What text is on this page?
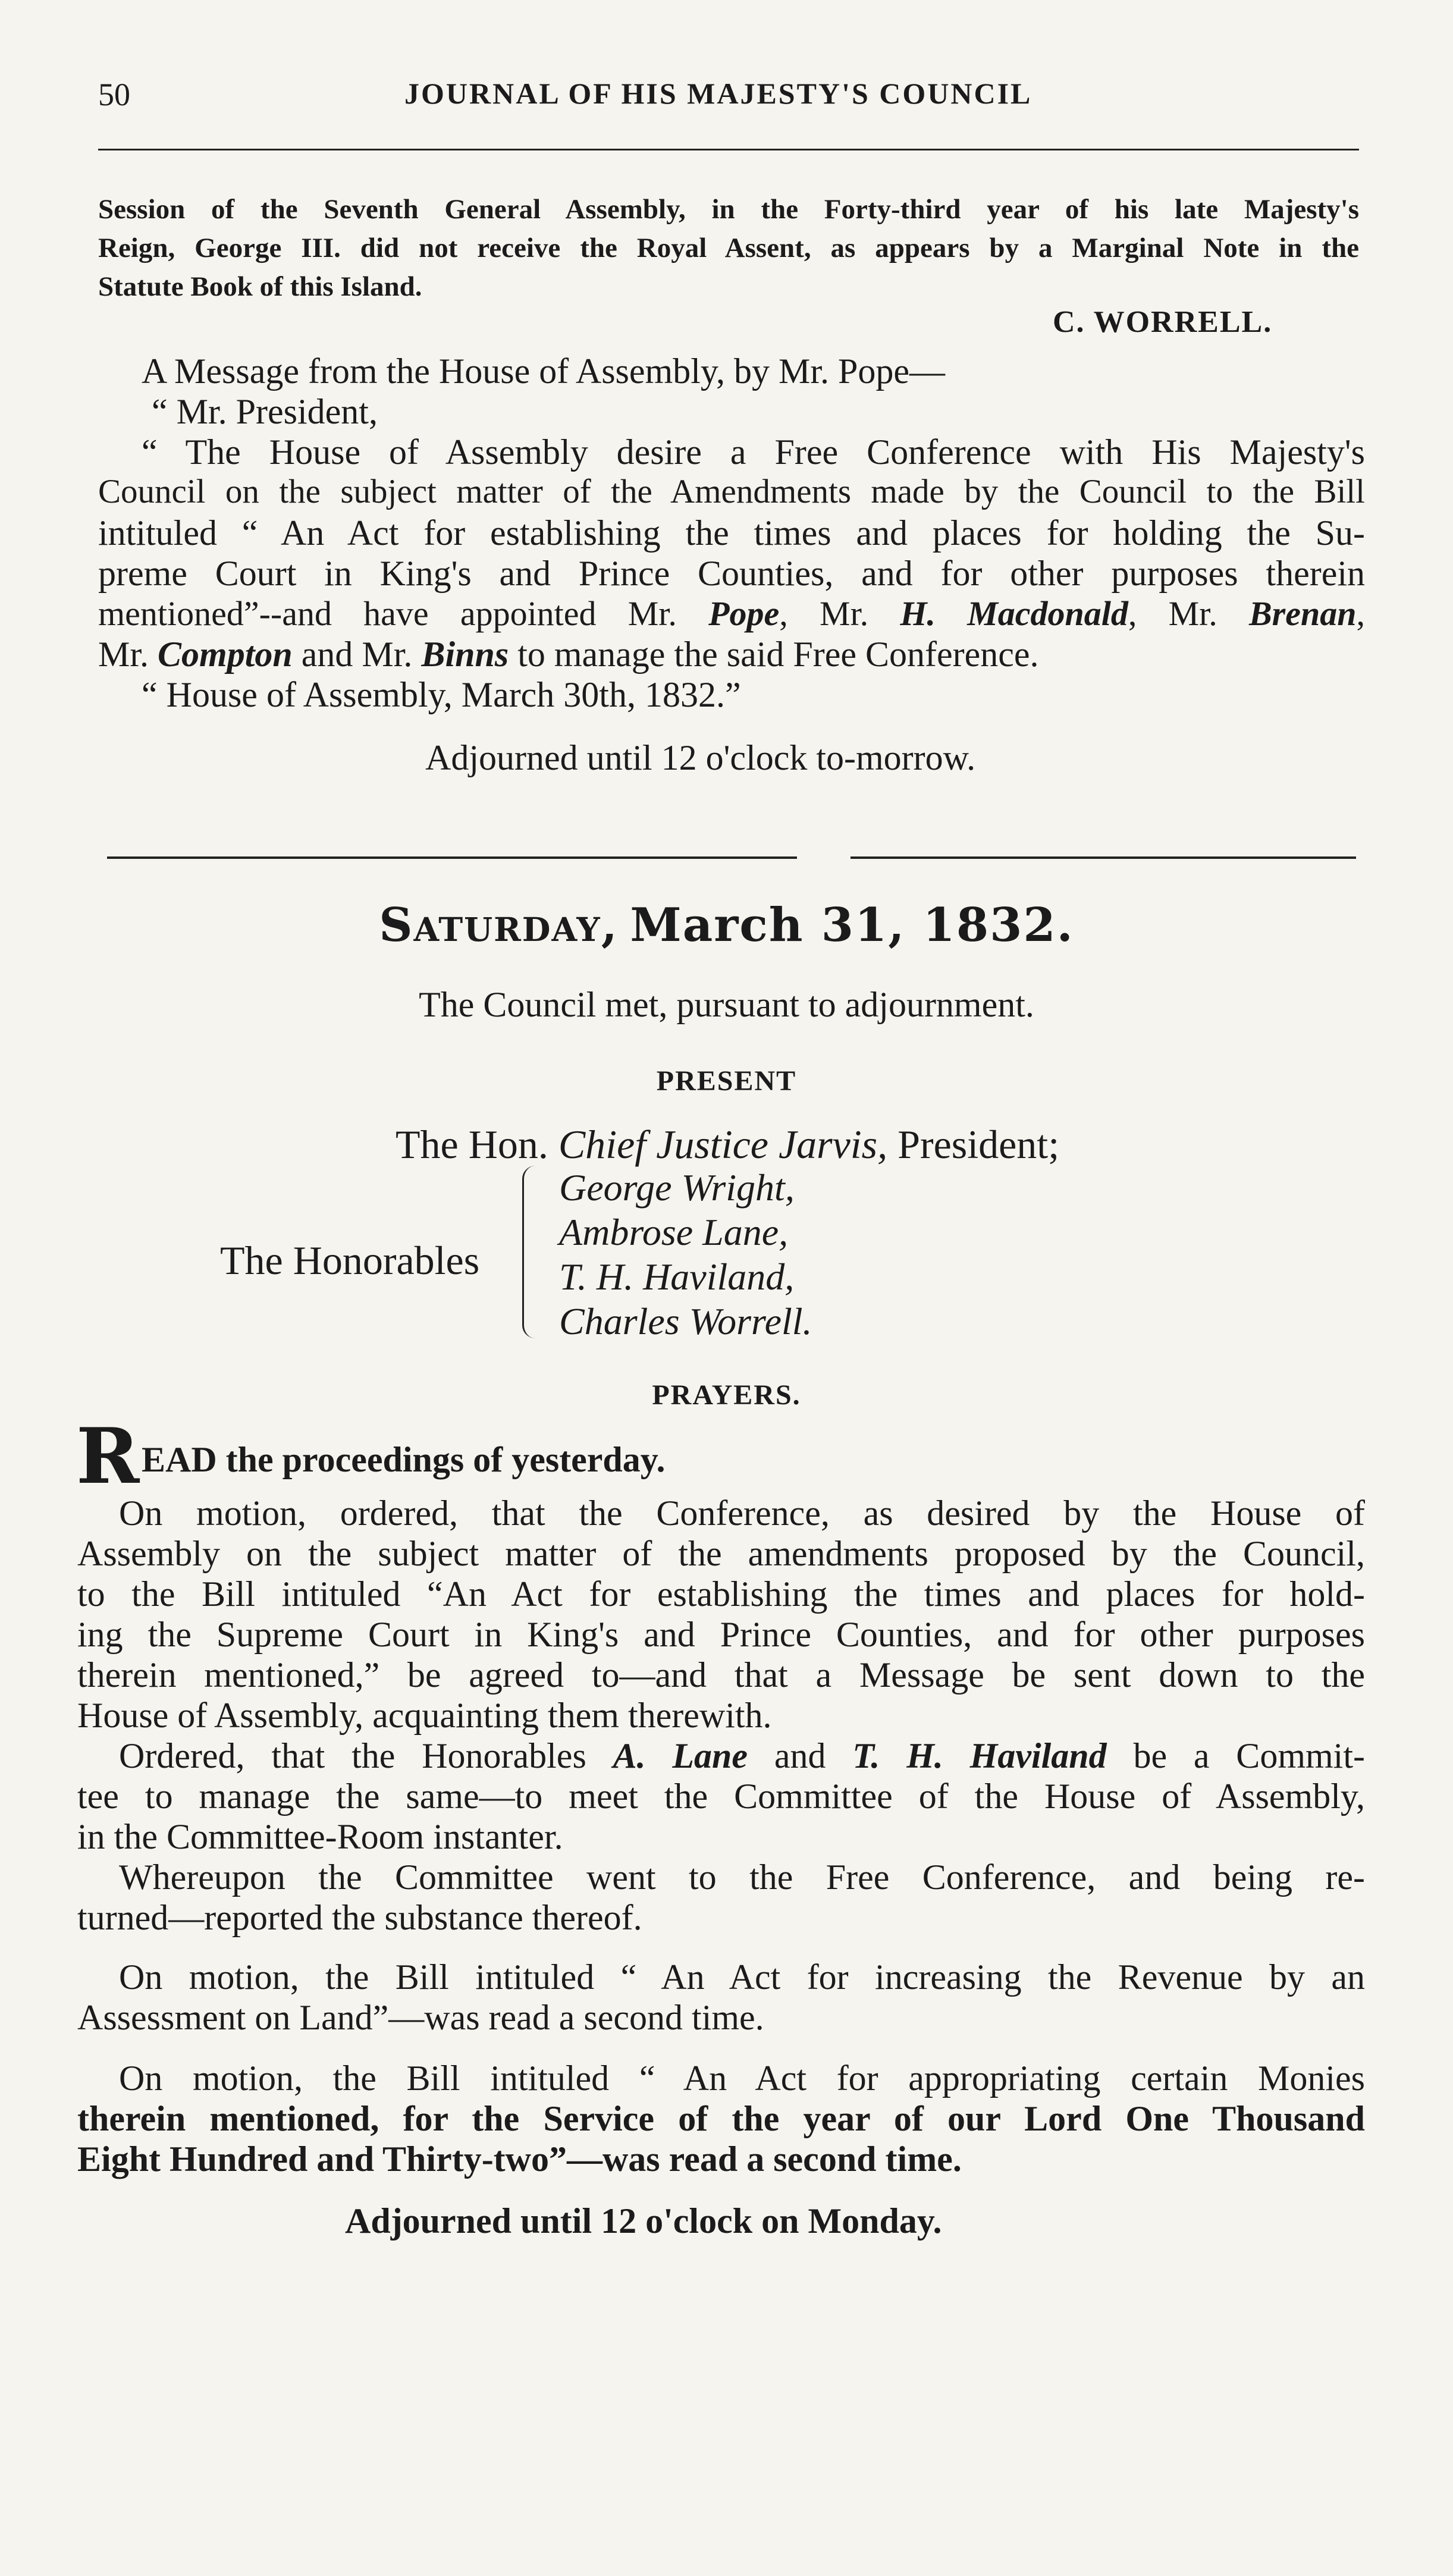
50	JOURNAL OF HIS MAJESTY'S COUNCIL
Session of the Seventh General Assembly, in the Forty-third year of his late Majesty's
Reign, George III. did not receive the Royal Assent, as appears by a Marginal Note in the
Statute Book of this Island.
C. WORRELL.
A Message from the House of Assembly, by Mr. Pope—
“ Mr. President,
“ The House of Assembly desire a Free Conference with His Majesty's
Council on the subject matter of the Amendments made by the Council to the Bill
intituled “ An Act for establishing the times and places for holding the Su-
preme Court in King's and Prince Counties, and for other purposes therein
mentioned”--and have appointed Mr. Pope, Mr. H. Macdonald, Mr. Brenan,
Mr. Compton and Mr. Binns to manage the said Free Conference.
“ House of Assembly, March 30th, 1832.”
Adjourned until 12 o'clock to-morrow.
Saturday, March 31, 1832.
The Council met, pursuant to adjournment.
PRESENT
The Hon. Chief Justice Jarvis, President;
The Honorables
George Wright,
Ambrose Lane,
T. H. Haviland,
Charles Worrell.
PRAYERS.
R EAD the proceedings of yesterday.
On motion, ordered, that the Conference, as desired by the House of
Assembly on the subject matter of the amendments proposed by the Council,
to the Bill intituled “An Act for establishing the times and places for hold-
ing the Supreme Court in King's and Prince Counties, and for other purposes
therein mentioned,” be agreed to—and that a Message be sent down to the
House of Assembly, acquainting them therewith.
Ordered, that the Honorables A. Lane and T. H. Haviland be a Commit-
tee to manage the same—to meet the Committee of the House of Assembly,
in the Committee-Room instanter.
Whereupon the Committee went to the Free Conference, and being re-
turned—reported the substance thereof.
On motion, the Bill intituled “ An Act for increasing the Revenue by an
Assessment on Land”—was read a second time.
On motion, the Bill intituled “ An Act for appropriating certain Monies
therein mentioned, for the Service of the year of our Lord One Thousand
Eight Hundred and Thirty-two”—was read a second time.
Adjourned until 12 o'clock on Monday.
